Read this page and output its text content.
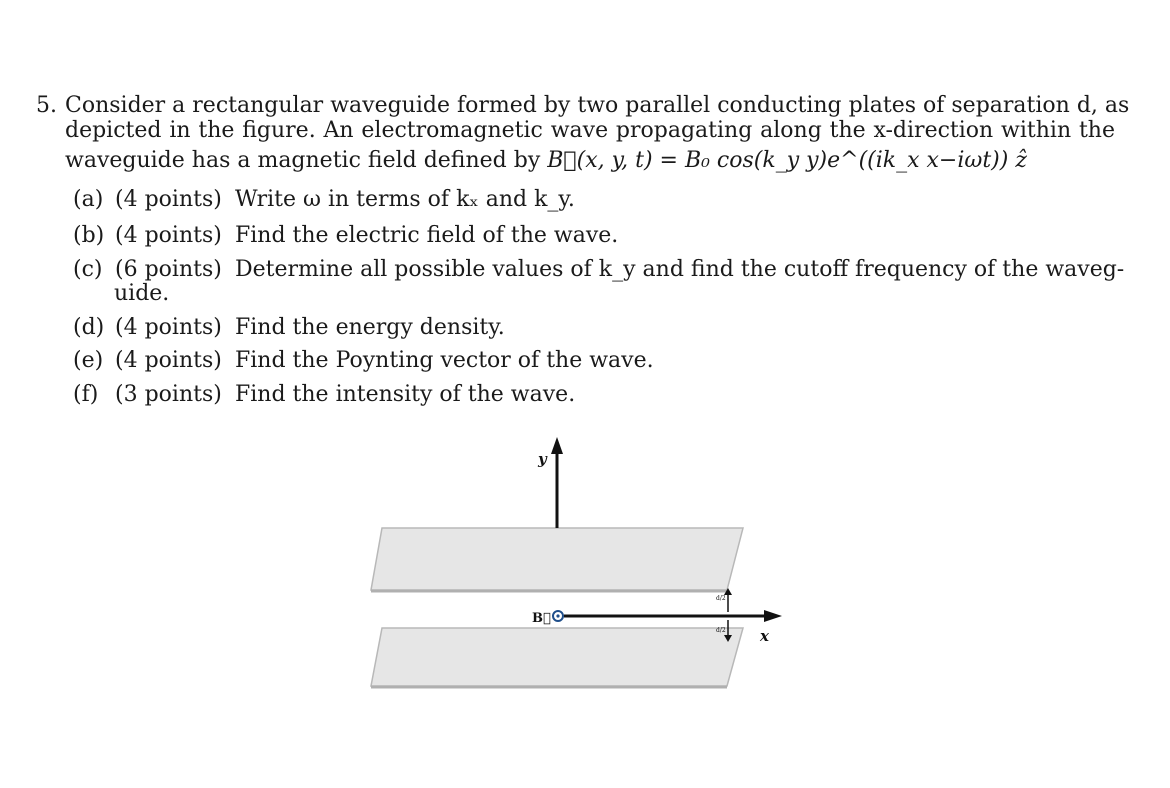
5. Consider a rectangular waveguide formed by two parallel conducting plates of separation d, as
depicted in the figure. An electromagnetic wave propagating along the x-direction within the
waveguide has a magnetic field defined by B⃗(x, y, t) = B₀ cos(k_y y)e^((ik_x x−iωt)) ẑ
(a) (4 points) Write ω in terms of kₓ and k_y.
(b) (4 points) Find the electric field of the wave.
(c) (6 points) Determine all possible values of k_y and find the cutoff frequency of the waveg-
uide.
(d) (4 points) Find the energy density.
(e) (4 points) Find the Poynting vector of the wave.
(f) (3 points) Find the intensity of the wave.
y
x
B⃗
d/2
d/2
